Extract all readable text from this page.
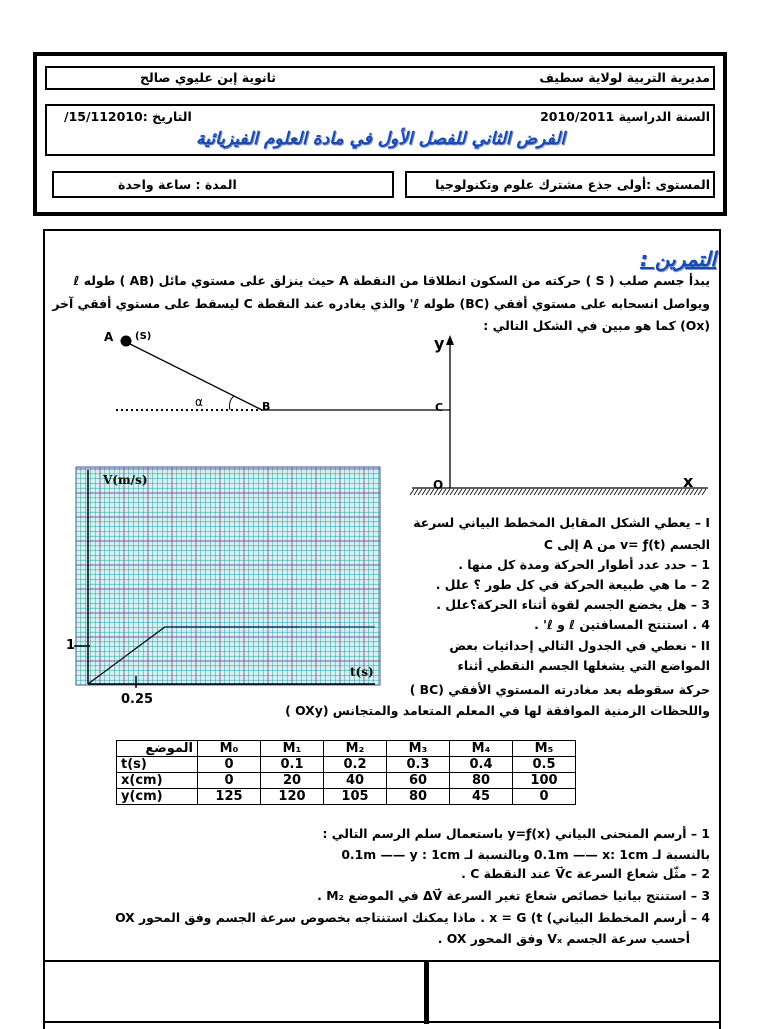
مديرية التربية لولاية سطيف
ثانوية إبن عليوي صالح
السنة الدراسية 2010/2011
التاريخ :15/112010/
الفرض الثاني للفصل الأول في مادة العلوم الفيزيائية
المستوى :أولى جذع مشترك علوم وتكنولوجيا
المدة : ساعة واحدة
التمرين :
يبدأ جسم صلب ( S ) حركته من السكون انطلاقا من النقطة A حيث ينزلق على مستوي مائل (AB ) طوله ℓ
ويواصل انسحابه على مستوي أفقي (BC) طوله ℓ' والذي يغادره عند النقطة C ليسقط على مستوي أفقي آخر
(Ox) كما هو مبين في الشكل التالي :
A (S)
α	B	C
y
O	x
V(m/s)
t(s)
1
0.25
I – يعطي الشكل المقابل المخطط البياني لسرعة
الجسم v= ƒ(t) من A إلى C
1 – حدد عدد أطوار الحركة ومدة كل منها .
2 – ما هي طبيعة الحركة في كل طور ؟ علل .
3 – هل يخضع الجسم لقوة أثناء الحركة؟علل .
4 . استنتج المسافتين ℓ و ℓ' .
II - نعطي في الجدول التالي إحداثيات بعض
المواضع التي يشغلها الجسم النقطي أثناء
حركة سقوطه بعد مغادرته المستوي الأفقي (BC )
واللحظات الزمنية الموافقة لها في المعلم المتعامد والمتجانس (OXy )
الموضع	M₀	M₁	M₂	M₃	M₄	M₅
t(s)	0	0.1	0.2	0.3	0.4	0.5
x(cm)	0	20	40	60	80	100
y(cm)	125	120	105	80	45	0
1 – أرسم المنحنى البياني y=ƒ(x) باستعمال سلم الرسم التالي :
بالنسبة لـ 0.1m —— x: 1cm وبالنسبة لـ 0.1m —— y : 1cm
2 – مثّل شعاع السرعة V⃗c عند النقطة C .
3 – استنتج بيانيا خصائص شعاع تغير السرعة ΔV⃗ في الموضع M₂ .
4 – أرسم المخطط البياني) x = G (t . ماذا يمكنك استنتاجه بخصوص سرعة الجسم وفق المحور OX
أحسب سرعة الجسم Vₓ وفق المحور OX .
